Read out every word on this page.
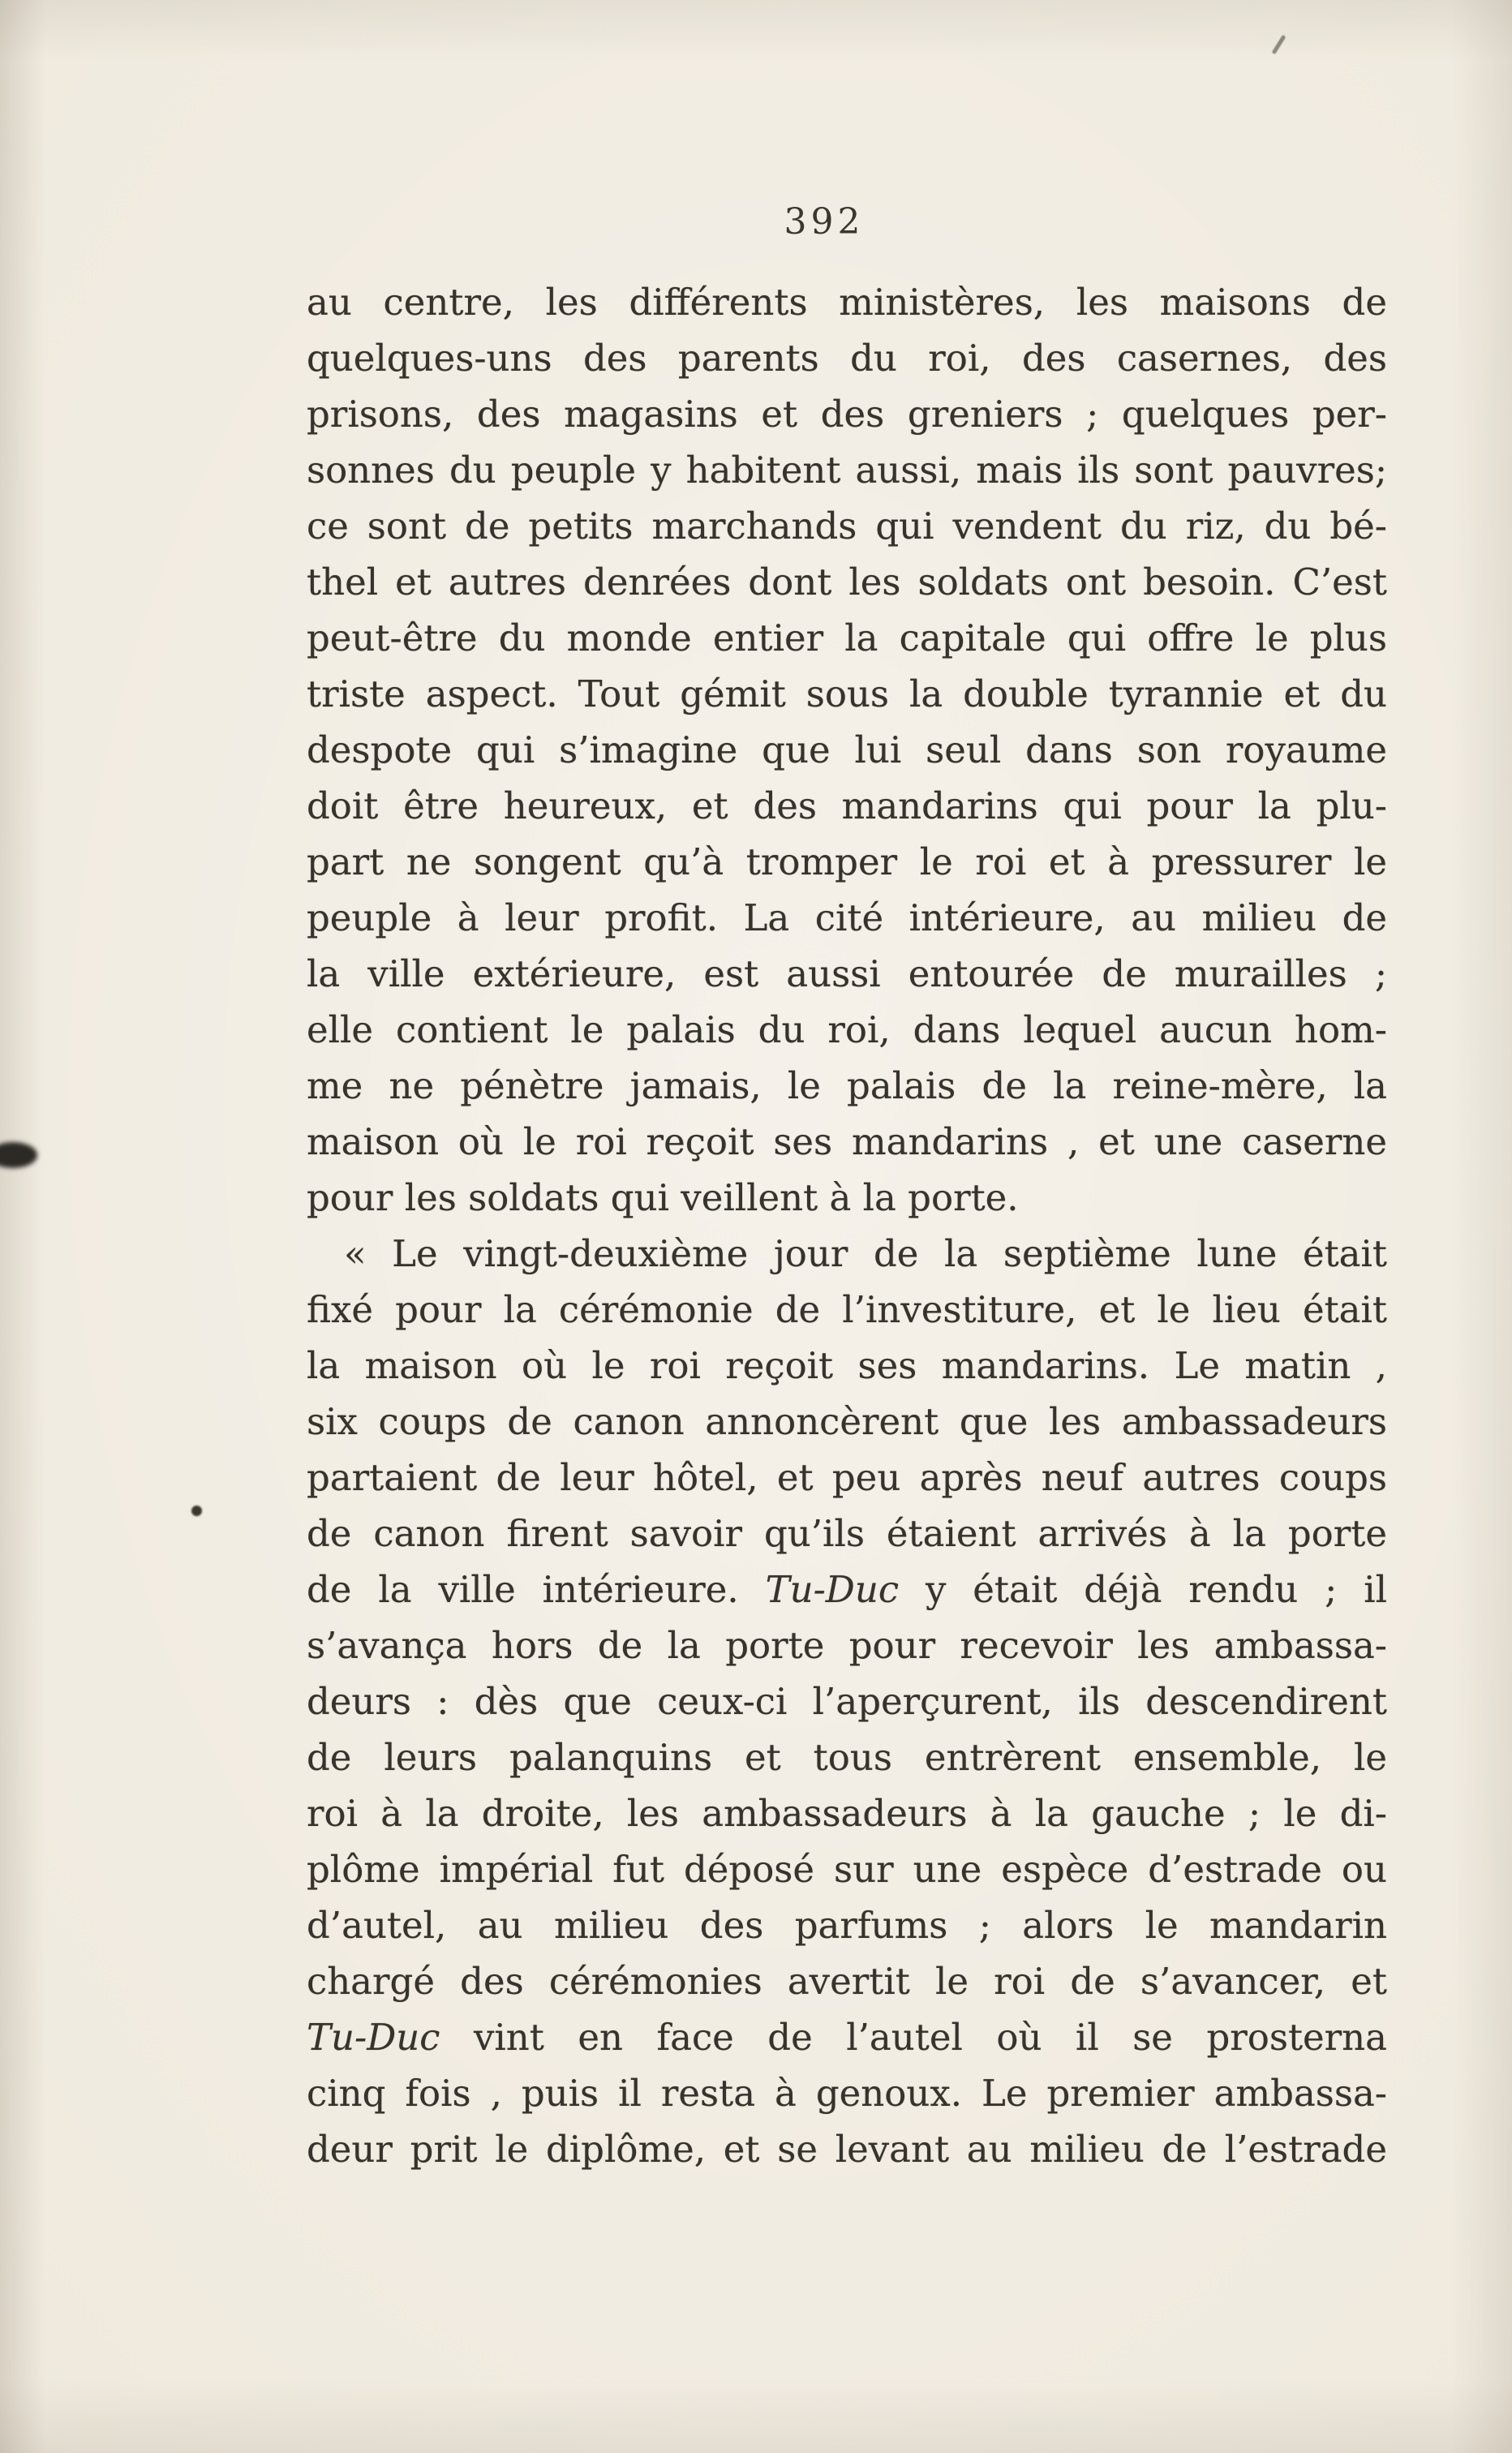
392
au centre, les différents ministères, les maisons de
quelques-uns des parents du roi, des casernes, des
prisons, des magasins et des greniers ; quelques per-
sonnes du peuple y habitent aussi, mais ils sont pauvres;
ce sont de petits marchands qui vendent du riz, du bé-
thel et autres denrées dont les soldats ont besoin. C’est
peut-être du monde entier la capitale qui offre le plus
triste aspect. Tout gémit sous la double tyrannie et du
despote qui s’imagine que lui seul dans son royaume
doit être heureux, et des mandarins qui pour la plu-
part ne songent qu’à tromper le roi et à pressurer le
peuple à leur profit. La cité intérieure, au milieu de
la ville extérieure, est aussi entourée de murailles ;
elle contient le palais du roi, dans lequel aucun hom-
me ne pénètre jamais, le palais de la reine-mère, la
maison où le roi reçoit ses mandarins , et une caserne
pour les soldats qui veillent à la porte.
« Le vingt-deuxième jour de la septième lune était
fixé pour la cérémonie de l’investiture, et le lieu était
la maison où le roi reçoit ses mandarins. Le matin ,
six coups de canon annoncèrent que les ambassadeurs
partaient de leur hôtel, et peu après neuf autres coups
de canon firent savoir qu’ils étaient arrivés à la porte
de la ville intérieure. Tu-Duc y était déjà rendu ; il
s’avança hors de la porte pour recevoir les ambassa-
deurs : dès que ceux-ci l’aperçurent, ils descendirent
de leurs palanquins et tous entrèrent ensemble, le
roi à la droite, les ambassadeurs à la gauche ; le di-
plôme impérial fut déposé sur une espèce d’estrade ou
d’autel, au milieu des parfums ; alors le mandarin
chargé des cérémonies avertit le roi de s’avancer, et
Tu-Duc vint en face de l’autel où il se prosterna
cinq fois , puis il resta à genoux. Le premier ambassa-
deur prit le diplôme, et se levant au milieu de l’estrade
